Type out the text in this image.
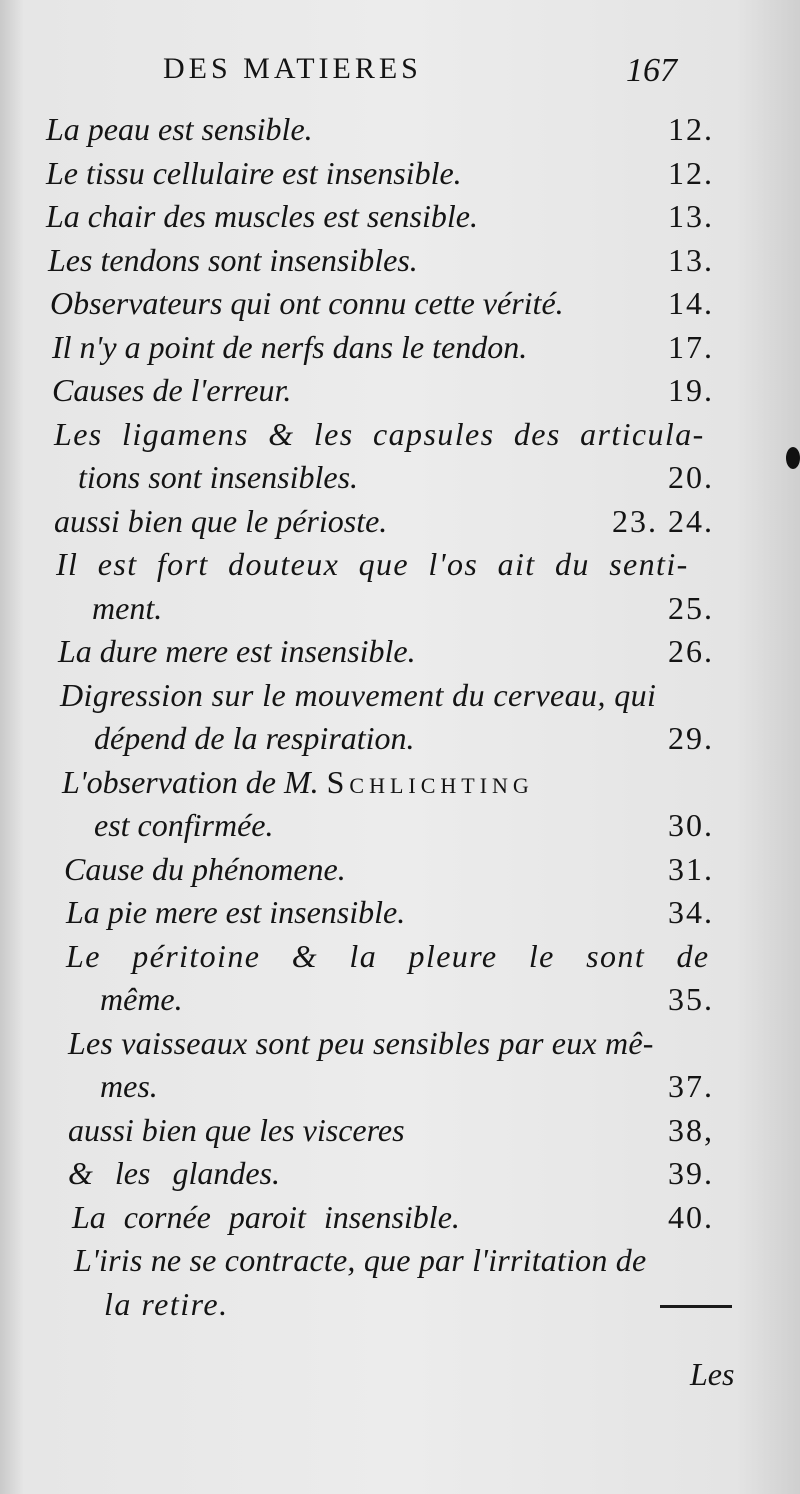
DES MATIERES	167
La peau est sensible.	12.
Le tissu cellulaire est insensible.	12.
La chair des muscles est sensible.	13.
Les tendons sont insensibles.	13.
Observateurs qui ont connu cette vérité.	14.
Il n'y a point de nerfs dans le tendon.	17.
Causes de l'erreur.	19.
Les ligamens & les capsules des articula-
tions sont insensibles.	20.
aussi bien que le périoste.	23. 24.
Il est fort douteux que l'os ait du senti-
ment.	25.
La dure mere est insensible.	26.
Digression sur le mouvement du cerveau, qui
dépend de la respiration.	29.
L'observation de M. Schlichting
est confirmée.	30.
Cause du phénomene.	31.
La pie mere est insensible.	34.
Le péritoine & la pleure le sont de
même.	35.
Les vaisseaux sont peu sensibles par eux mê-
mes.	37.
aussi bien que les visceres	38,
& les glandes.	39.
La cornée paroit insensible.	40.
L'iris ne se contracte, que par l'irritation de
la retire.
Les
